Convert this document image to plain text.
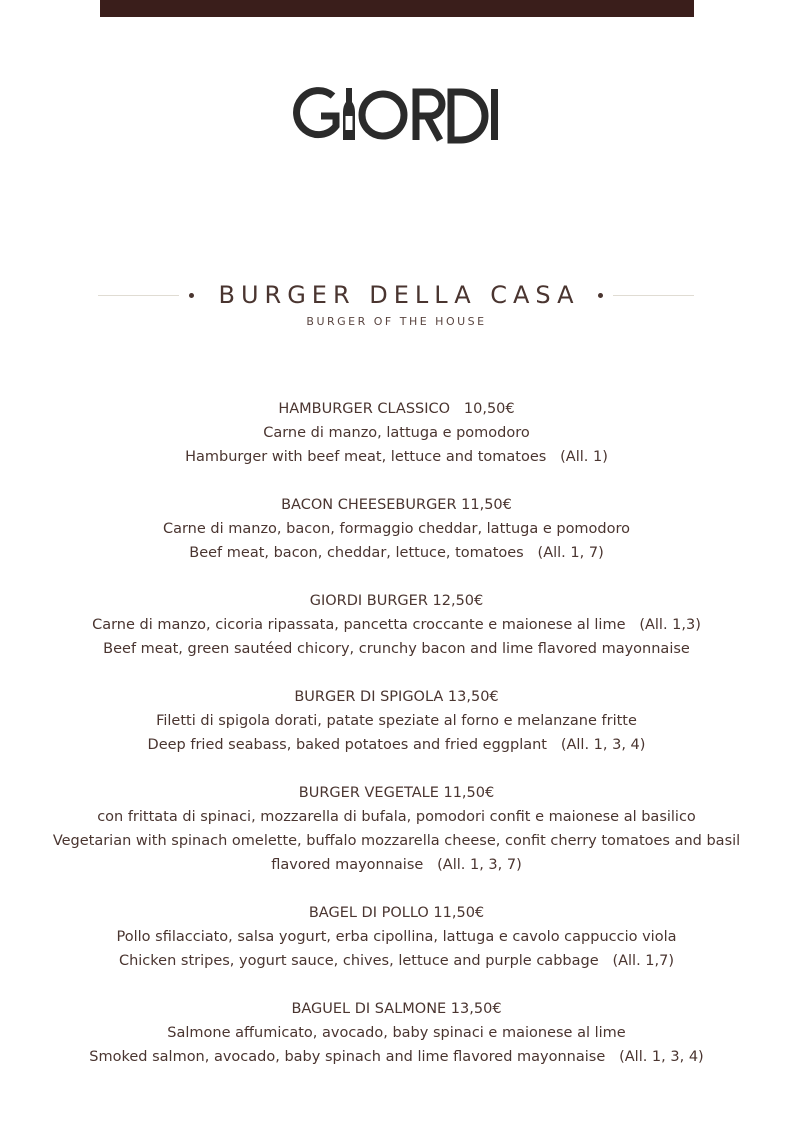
BURGER DELLA CASA
BURGER OF THE HOUSE
HAMBURGER CLASSICO   10,50€
Carne di manzo, lattuga e pomodoro
Hamburger with beef meat, lettuce and tomatoes   (All. 1)
BACON CHEESEBURGER 11,50€
Carne di manzo, bacon, formaggio cheddar, lattuga e pomodoro
Beef meat, bacon, cheddar, lettuce, tomatoes   (All. 1, 7)
GIORDI BURGER 12,50€
Carne di manzo, cicoria ripassata, pancetta croccante e maionese al lime   (All. 1,3)
Beef meat, green sautéed chicory, crunchy bacon and lime flavored mayonnaise
BURGER DI SPIGOLA 13,50€
Filetti di spigola dorati, patate speziate al forno e melanzane fritte
Deep fried seabass, baked potatoes and fried eggplant   (All. 1, 3, 4)
BURGER VEGETALE 11,50€
con frittata di spinaci, mozzarella di bufala, pomodori confit e maionese al basilico
Vegetarian with spinach omelette, buffalo mozzarella cheese, confit cherry tomatoes and basil flavored mayonnaise   (All. 1, 3, 7)
BAGEL DI POLLO 11,50€
Pollo sfilacciato, salsa yogurt, erba cipollina, lattuga e cavolo cappuccio viola
Chicken stripes, yogurt sauce, chives, lettuce and purple cabbage   (All. 1,7)
BAGUEL DI SALMONE 13,50€
Salmone affumicato, avocado, baby spinaci e maionese al lime
Smoked salmon, avocado, baby spinach and lime flavored mayonnaise   (All. 1, 3, 4)
